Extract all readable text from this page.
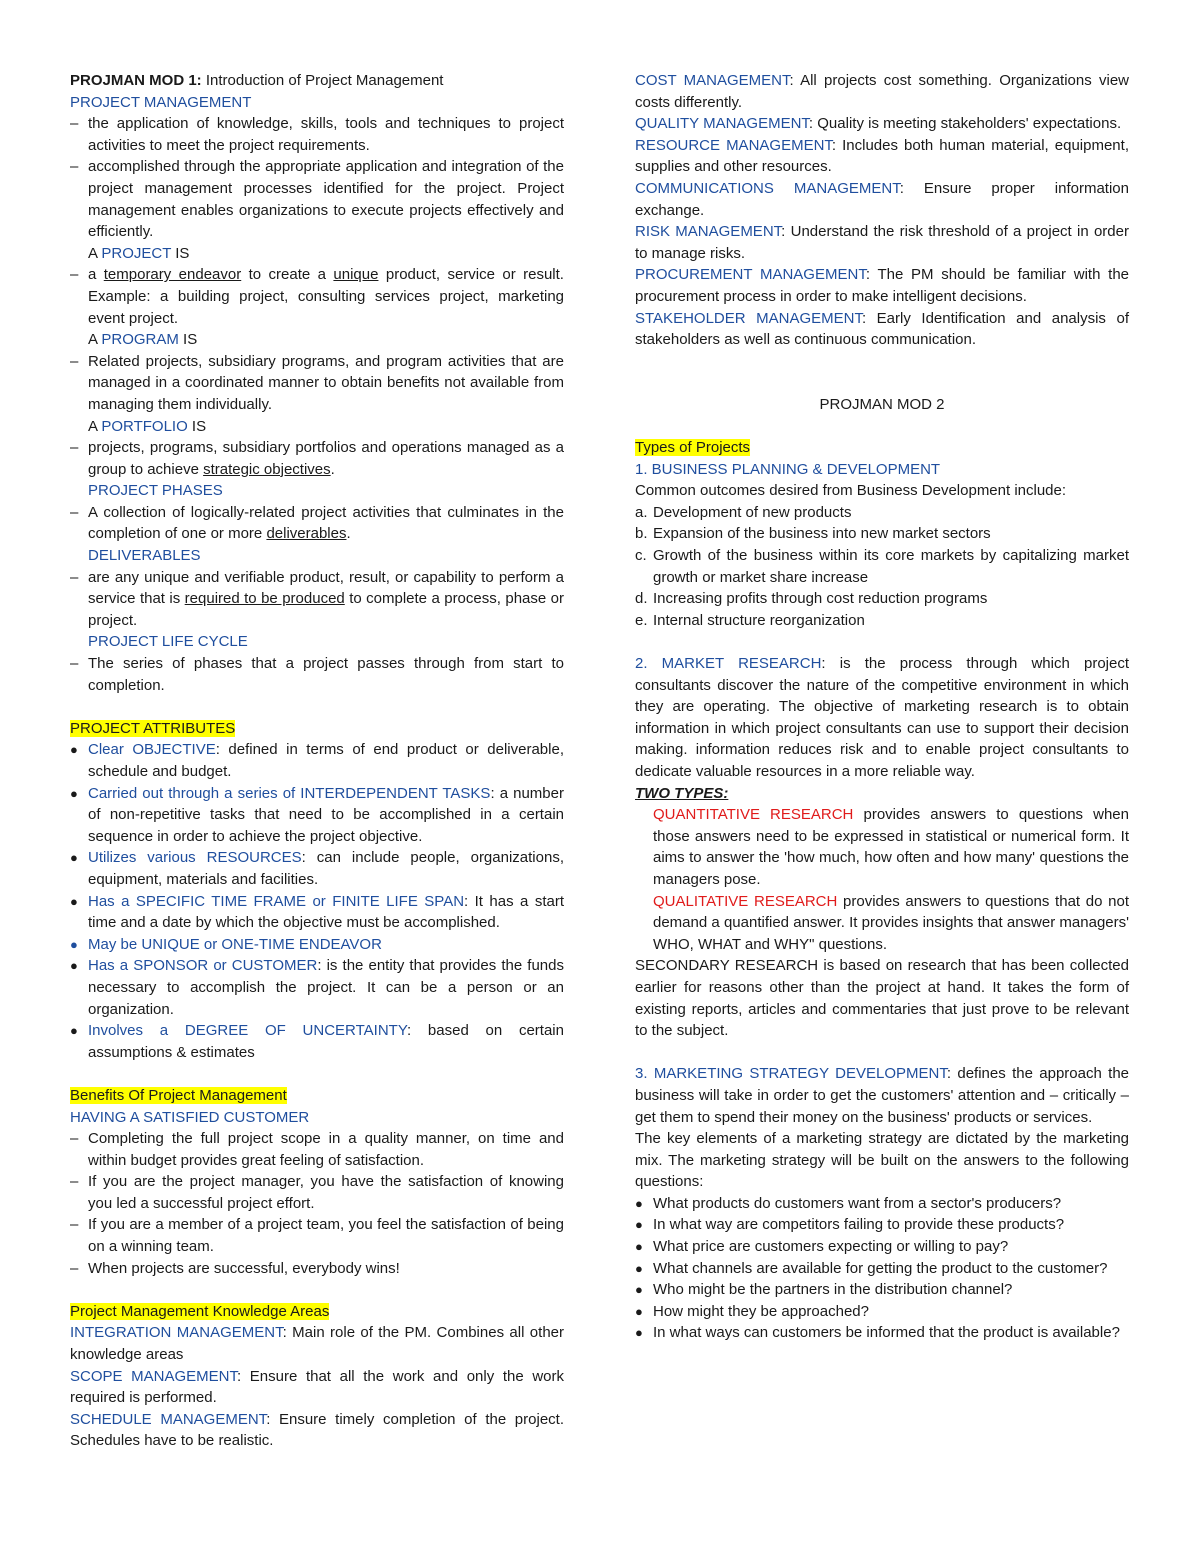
PROJMAN MOD 1: Introduction of Project Management

PROJECT MANAGEMENT

– the application of knowledge, skills, tools and techniques to project activities to meet the project requirements.
– accomplished through the appropriate application and integration of the project management processes identified for the project. Project management enables organizations to execute projects effectively and efficiently.

A PROJECT IS

– a temporary endeavor to create a unique product, service or result. Example: a building project, consulting services project, marketing event project.

A PROGRAM IS

– Related projects, subsidiary programs, and program activities that are managed in a coordinated manner to obtain benefits not available from managing them individually.

A PORTFOLIO IS

– projects, programs, subsidiary portfolios and operations managed as a group to achieve strategic objectives.

PROJECT PHASES

– A collection of logically-related project activities that culminates in the completion of one or more deliverables.

DELIVERABLES

– are any unique and verifiable product, result, or capability to perform a service that is required to be produced to complete a process, phase or project.

PROJECT LIFE CYCLE

– The series of phases that a project passes through from start to completion.

PROJECT ATTRIBUTES

● Clear OBJECTIVE: defined in terms of end product or deliverable, schedule and budget.
● Carried out through a series of INTERDEPENDENT TASKS: a number of non-repetitive tasks that need to be accomplished in a certain sequence in order to achieve the project objective.
● Utilizes various RESOURCES: can include people, organizations, equipment, materials and facilities.
● Has a SPECIFIC TIME FRAME or FINITE LIFE SPAN: It has a start time and a date by which the objective must be accomplished.
● May be UNIQUE or ONE-TIME ENDEAVOR
● Has a SPONSOR or CUSTOMER: is the entity that provides the funds necessary to accomplish the project. It can be a person or an organization.
● Involves a DEGREE OF UNCERTAINTY: based on certain assumptions & estimates

Benefits Of Project Management

HAVING A SATISFIED CUSTOMER

– Completing the full project scope in a quality manner, on time and within budget provides great feeling of satisfaction.
– If you are the project manager, you have the satisfaction of knowing you led a successful project effort.
– If you are a member of a project team, you feel the satisfaction of being on a winning team.
– When projects are successful, everybody wins!

Project Management Knowledge Areas

INTEGRATION MANAGEMENT: Main role of the PM. Combines all other knowledge areas

SCOPE MANAGEMENT: Ensure that all the work and only the work required is performed.

SCHEDULE MANAGEMENT: Ensure timely completion of the project. Schedules have to be realistic.

COST MANAGEMENT: All projects cost something. Organizations view costs differently.

QUALITY MANAGEMENT: Quality is meeting stakeholders' expectations.

RESOURCE MANAGEMENT: Includes both human material, equipment, supplies and other resources.

COMMUNICATIONS MANAGEMENT: Ensure proper information exchange.

RISK MANAGEMENT: Understand the risk threshold of a project in order to manage risks.

PROCUREMENT MANAGEMENT: The PM should be familiar with the procurement process in order to make intelligent decisions.

STAKEHOLDER MANAGEMENT: Early Identification and analysis of stakeholders as well as continuous communication.

PROJMAN MOD 2

Types of Projects

1. BUSINESS PLANNING & DEVELOPMENT

Common outcomes desired from Business Development include:

a. Development of new products
b. Expansion of the business into new market sectors
c. Growth of the business within its core markets by capitalizing market growth or market share increase
d. Increasing profits through cost reduction programs
e. Internal structure reorganization

2. MARKET RESEARCH: is the process through which project consultants discover the nature of the competitive environment in which they are operating. The objective of marketing research is to obtain information in which project consultants can use to support their decision making. information reduces risk and to enable project consultants to dedicate valuable resources in a more reliable way.

TWO TYPES:

QUANTITATIVE RESEARCH provides answers to questions when those answers need to be expressed in statistical or numerical form. It aims to answer the 'how much, how often and how many' questions the managers pose.

QUALITATIVE RESEARCH provides answers to questions that do not demand a quantified answer. It provides insights that answer managers' WHO, WHAT and WHY" questions.

SECONDARY RESEARCH is based on research that has been collected earlier for reasons other than the project at hand. It takes the form of existing reports, articles and commentaries that just prove to be relevant to the subject.

3. MARKETING STRATEGY DEVELOPMENT: defines the approach the business will take in order to get the customers' attention and – critically – get them to spend their money on the business' products or services.

The key elements of a marketing strategy are dictated by the marketing mix. The marketing strategy will be built on the answers to the following questions:

● What products do customers want from a sector's producers?
● In what way are competitors failing to provide these products?
● What price are customers expecting or willing to pay?
● What channels are available for getting the product to the customer?
● Who might be the partners in the distribution channel?
● How might they be approached?
● In what ways can customers be informed that the product is available?
